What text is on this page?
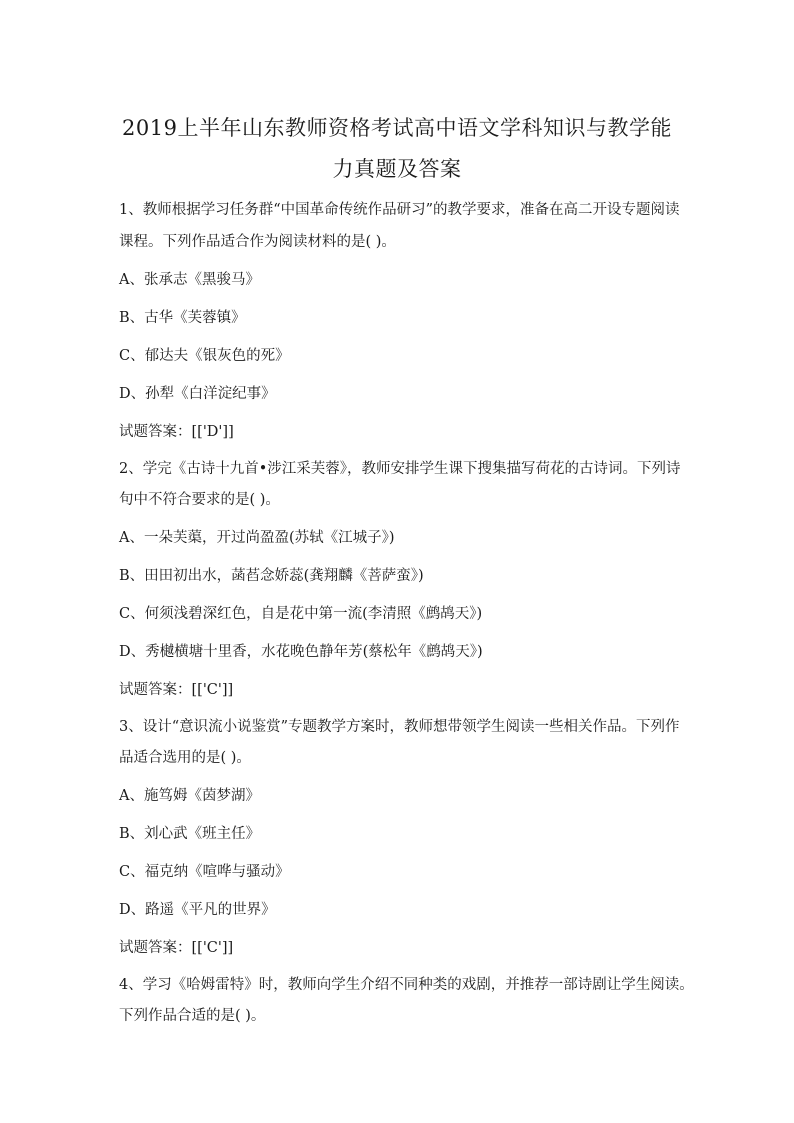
2019上半年山东教师资格考试高中语文学科知识与教学能
力真题及答案
1、教师根据学习任务群“中国革命传统作品研习”的教学要求，准备在高二开设专题阅读
课程。下列作品适合作为阅读材料的是( )。
A、张承志《黑骏马》
B、古华《芙蓉镇》
C、郁达夫《银灰色的死》
D、孙犁《白洋淀纪事》
试题答案：[['D']]
2、学完《古诗十九首•涉江采芙蓉》，教师安排学生课下搜集描写荷花的古诗词。下列诗
句中不符合要求的是( )。
A、一朵芙蕖，开过尚盈盈(苏轼《江城子》)
B、田田初出水，菡萏念娇蕊(龚翔麟《菩萨蛮》)
C、何须浅碧深红色，自是花中第一流(李清照《鹧鸪天》)
D、秀樾横塘十里香，水花晚色静年芳(蔡松年《鹧鸪天》)
试题答案：[['C']]
3、设计“意识流小说鉴赏”专题教学方案时，教师想带领学生阅读一些相关作品。下列作
品适合选用的是( )。
A、施笃姆《茵梦湖》
B、刘心武《班主任》
C、福克纳《喧哗与骚动》
D、路遥《平凡的世界》
试题答案：[['C']]
4、学习《哈姆雷特》时，教师向学生介绍不同种类的戏剧，并推荐一部诗剧让学生阅读。
下列作品合适的是( )。
